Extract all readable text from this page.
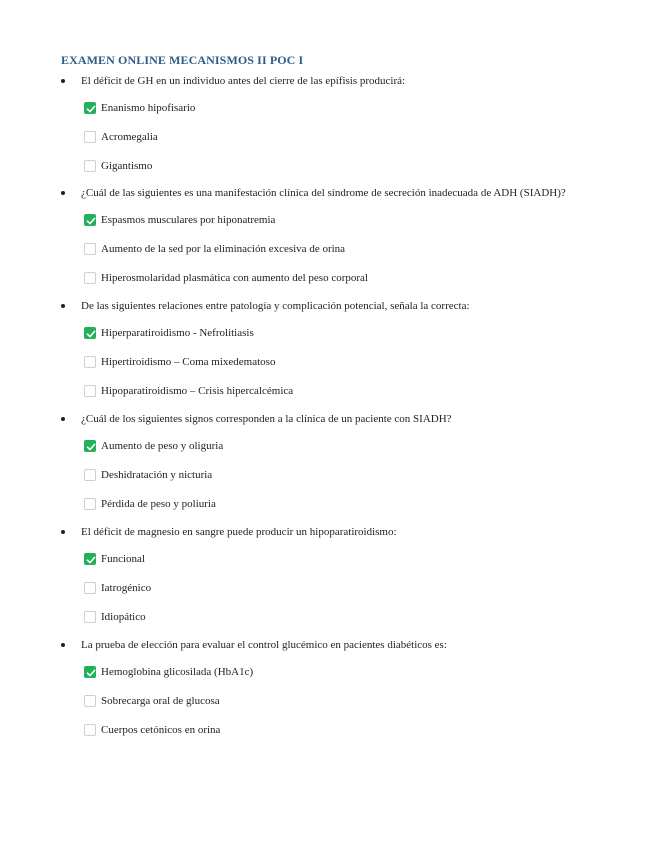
EXAMEN ONLINE MECANISMOS II POC I
El déficit de GH en un individuo antes del cierre de las epífisis producirá:
Enanismo hipofisario
Acromegalia
Gigantismo
¿Cuál de las siguientes es una manifestación clínica del síndrome de secreción inadecuada de ADH (SIADH)?
Espasmos musculares por hiponatremia
Aumento de la sed por la eliminación excesiva de orina
Hiperosmolaridad plasmática con aumento del peso corporal
De las siguientes relaciones entre patología y complicación potencial, señala la correcta:
Hiperparatiroidismo - Nefrolitiasis
Hipertiroidismo – Coma mixedematoso
Hipoparatiroidismo – Crisis hipercalcémica
¿Cuál de los siguientes signos corresponden a la clínica de un paciente con SIADH?
Aumento de peso y oliguria
Deshidratación y nicturia
Pérdida de peso y poliuria
El déficit de magnesio en sangre puede producir un hipoparatiroidismo:
Funcional
Iatrogénico
Idiopático
La prueba de elección para evaluar el control glucémico en pacientes diabéticos es:
Hemoglobina glicosilada (HbA1c)
Sobrecarga oral de glucosa
Cuerpos cetónicos en orina
